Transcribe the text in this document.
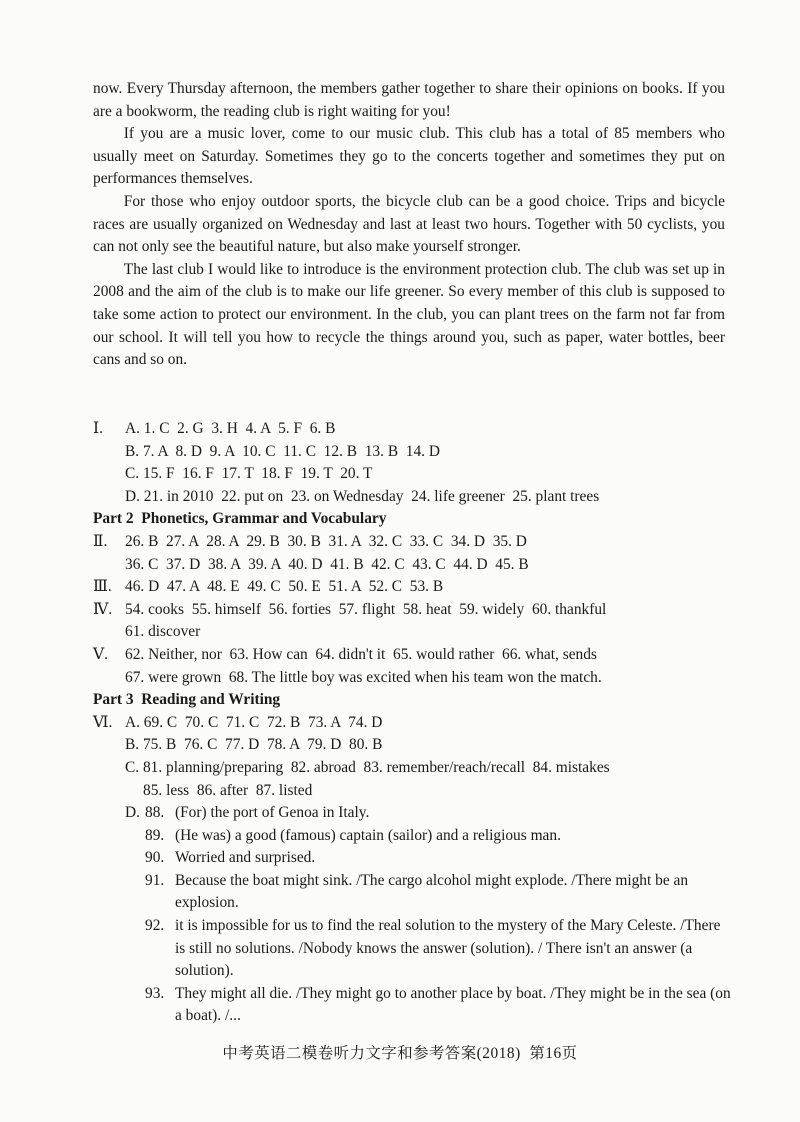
now. Every Thursday afternoon, the members gather together to share their opinions on books. If you are a bookworm, the reading club is right waiting for you!

If you are a music lover, come to our music club. This club has a total of 85 members who usually meet on Saturday. Sometimes they go to the concerts together and sometimes they put on performances themselves.

For those who enjoy outdoor sports, the bicycle club can be a good choice. Trips and bicycle races are usually organized on Wednesday and last at least two hours. Together with 50 cyclists, you can not only see the beautiful nature, but also make yourself stronger.

The last club I would like to introduce is the environment protection club. The club was set up in 2008 and the aim of the club is to make our life greener. So every member of this club is supposed to take some action to protect our environment. In the club, you can plant trees on the farm not far from our school. It will tell you how to recycle the things around you, such as paper, water bottles, beer cans and so on.

Ⅰ.	A. 1. C  2. G  3. H  4. A  5. F  6. B
B. 7. A  8. D  9. A  10. C  11. C  12. B  13. B  14. D
C. 15. F  16. F  17. T  18. F  19. T  20. T
D. 21. in 2010  22. put on  23. on Wednesday  24. life greener  25. plant trees
Part 2  Phonetics, Grammar and Vocabulary
Ⅱ.	26. B  27. A  28. A  29. B  30. B  31. A  32. C  33. C  34. D  35. D
36. C  37. D  38. A  39. A  40. D  41. B  42. C  43. C  44. D  45. B
Ⅲ. 46. D  47. A  48. E  49. C  50. E  51. A  52. C  53. B
Ⅳ. 54. cooks  55. himself  56. forties  57. flight  58. heat  59. widely  60. thankful
61. discover
Ⅴ.	62. Neither, nor  63. How can  64. didn't it  65. would rather  66. what, sends
67. were grown  68. The little boy was excited when his team won the match.
Part 3  Reading and Writing
Ⅵ. A. 69. C  70. C  71. C  72. B  73. A  74. D
B. 75. B  76. C  77. D  78. A  79. D  80. B
C. 81. planning/preparing  82. abroad  83. remember/reach/recall  84. mistakes
85. less  86. after  87. listed
D. 88. (For) the port of Genoa in Italy.
89. (He was) a good (famous) captain (sailor) and a religious man.
90. Worried and surprised.
91. Because the boat might sink. /The cargo alcohol might explode. /There might be an explosion.
92. it is impossible for us to find the real solution to the mystery of the Mary Celeste. /There is still no solutions. /Nobody knows the answer (solution). / There isn't an answer (a solution).
93. They might all die. /They might go to another place by boat. /They might be in the sea (on a boat). /...
中考英语二模卷听力文字和参考答案(2018)  第16页
